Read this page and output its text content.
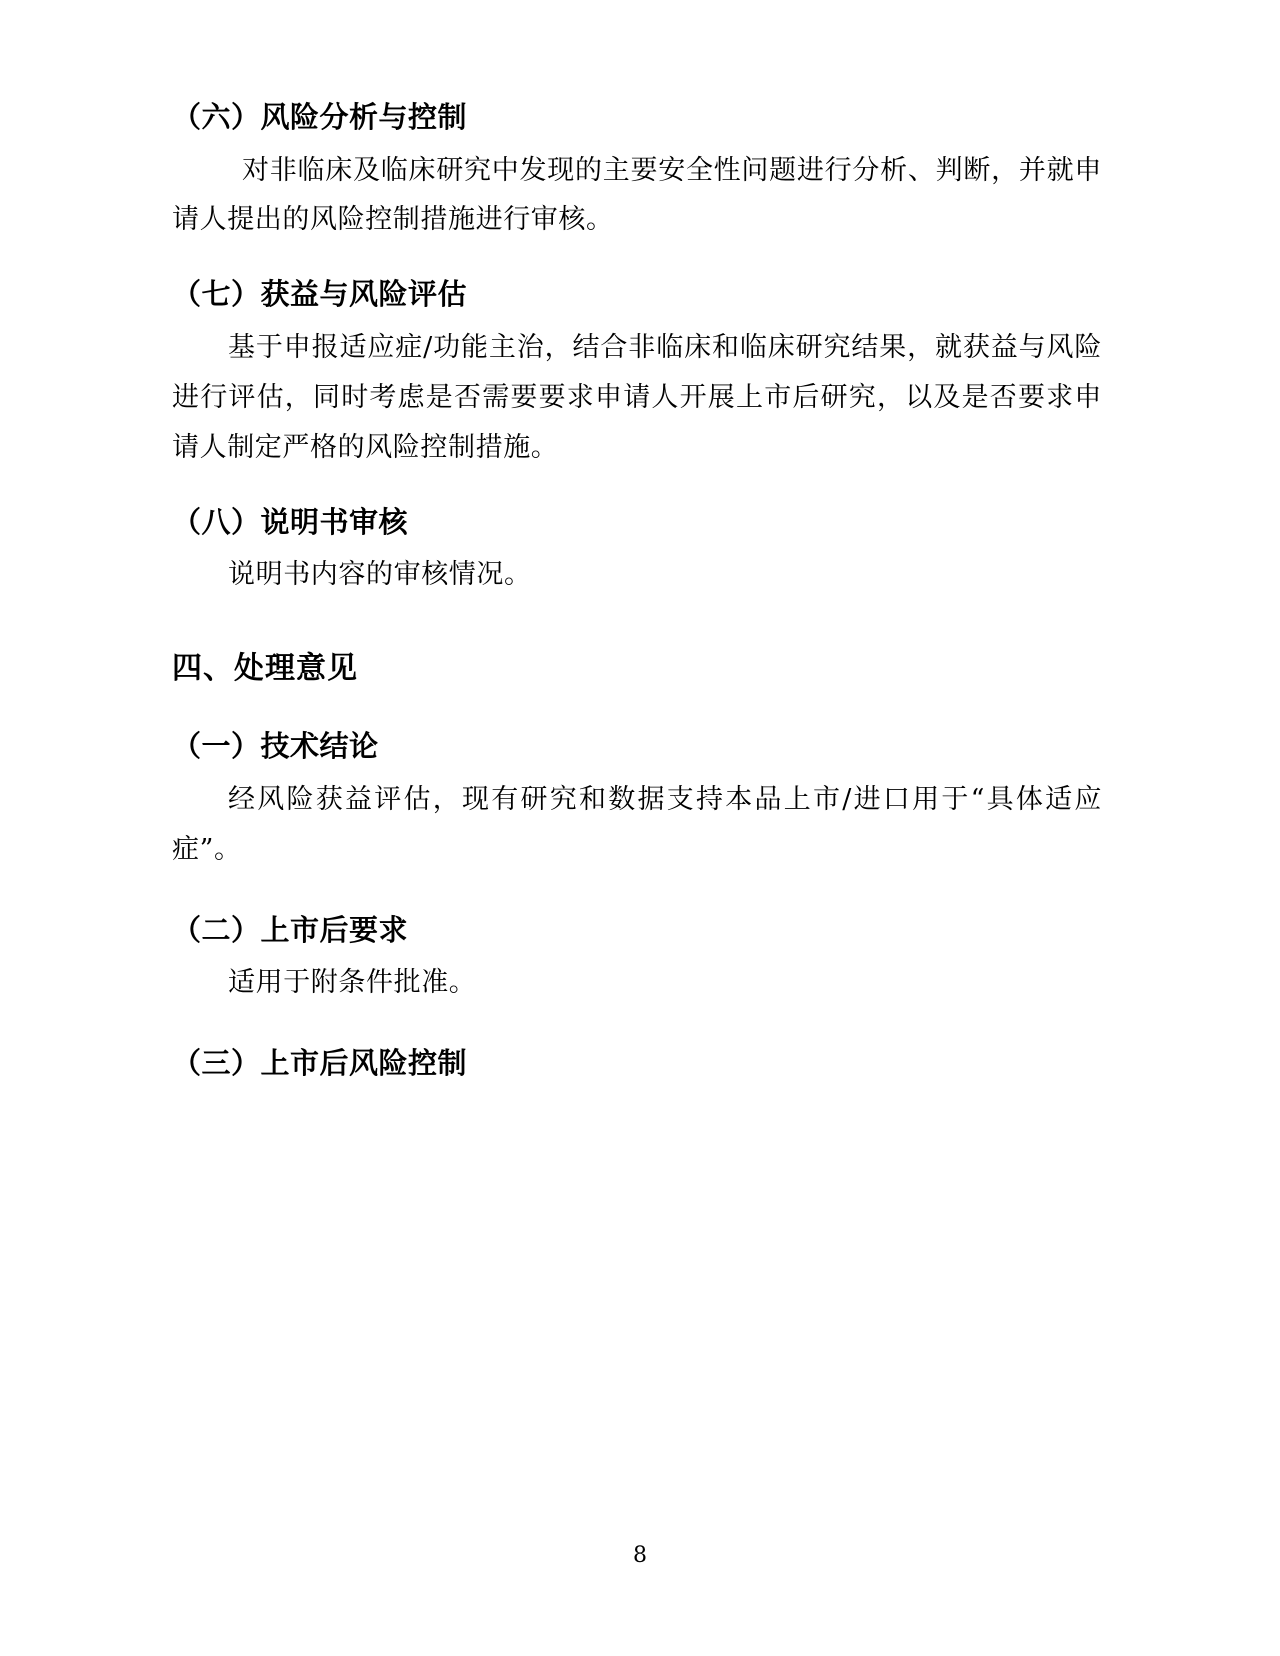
（六）风险分析与控制

对非临床及临床研究中发现的主要安全性问题进行分析、判断，并就申请人提出的风险控制措施进行审核。

（七）获益与风险评估

基于申报适应症/功能主治，结合非临床和临床研究结果，就获益与风险进行评估，同时考虑是否需要要求申请人开展上市后研究，以及是否要求申请人制定严格的风险控制措施。

（八）说明书审核

说明书内容的审核情况。

四、处理意见
（一）技术结论

经风险获益评估，现有研究和数据支持本品上市/进口用于“具体适应症”。

（二）上市后要求

适用于附条件批准。

（三）上市后风险控制
8
